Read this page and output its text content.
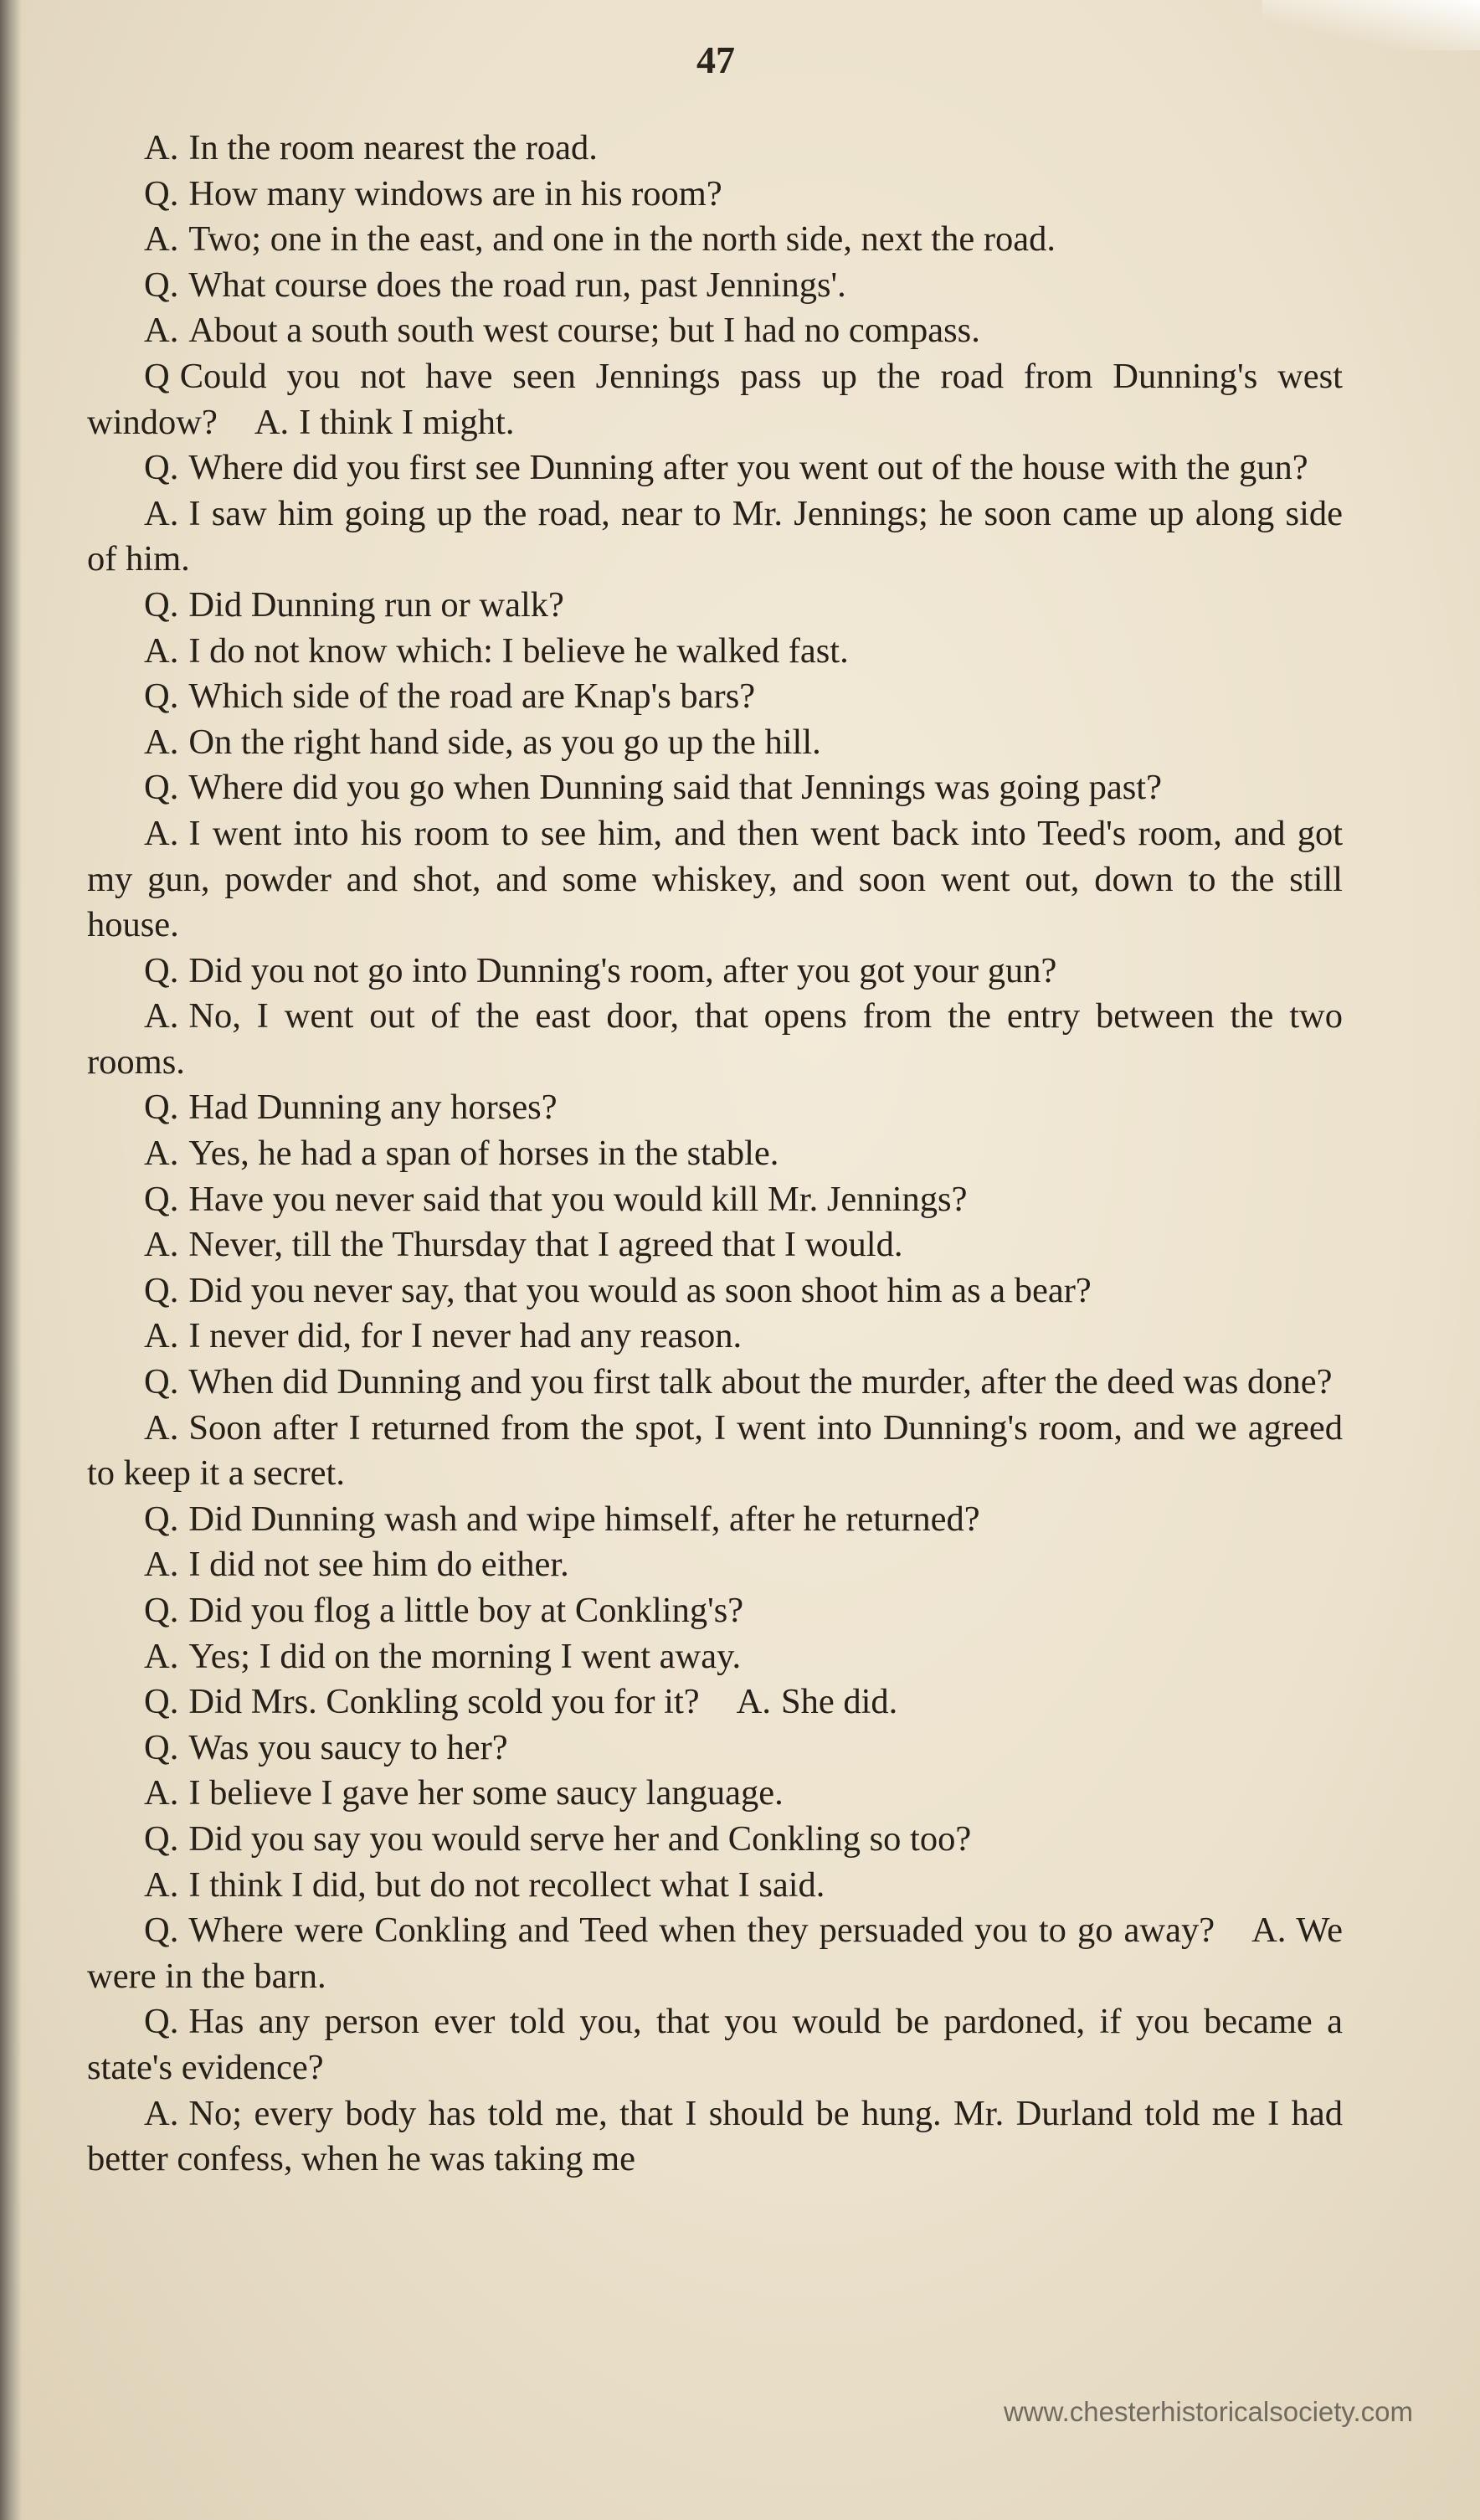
47

A. In the room nearest the road.

Q. How many windows are in his room?

A. Two; one in the east, and one in the north side, next the road.

Q. What course does the road run, past Jennings'.

A. About a south south west course; but I had no compass.

Q Could you not have seen Jennings pass up the road from Dunning's west window? A. I think I might.

Q. Where did you first see Dunning after you went out of the house with the gun?

A. I saw him going up the road, near to Mr. Jennings; he soon came up along side of him.

Q. Did Dunning run or walk?

A. I do not know which: I believe he walked fast.

Q. Which side of the road are Knap's bars?

A. On the right hand side, as you go up the hill.

Q. Where did you go when Dunning said that Jennings was going past?

A. I went into his room to see him, and then went back into Teed's room, and got my gun, powder and shot, and some whiskey, and soon went out, down to the still house.

Q. Did you not go into Dunning's room, after you got your gun?

A. No, I went out of the east door, that opens from the entry between the two rooms.

Q. Had Dunning any horses?

A. Yes, he had a span of horses in the stable.

Q. Have you never said that you would kill Mr. Jennings?

A. Never, till the Thursday that I agreed that I would.

Q. Did you never say, that you would as soon shoot him as a bear?

A. I never did, for I never had any reason.

Q. When did Dunning and you first talk about the murder, after the deed was done?

A. Soon after I returned from the spot, I went into Dunning's room, and we agreed to keep it a secret.

Q. Did Dunning wash and wipe himself, after he returned?

A. I did not see him do either.

Q. Did you flog a little boy at Conkling's?

A. Yes; I did on the morning I went away.

Q. Did Mrs. Conkling scold you for it? A. She did.

Q. Was you saucy to her?

A. I believe I gave her some saucy language.

Q. Did you say you would serve her and Conkling so too?

A. I think I did, but do not recollect what I said.

Q. Where were Conkling and Teed when they persuaded you to go away? A. We were in the barn.

Q. Has any person ever told you, that you would be pardoned, if you became a state's evidence?

A. No; every body has told me, that I should be hung. Mr. Durland told me I had better confess, when he was taking me

www.chesterhistoricalsociety.com
